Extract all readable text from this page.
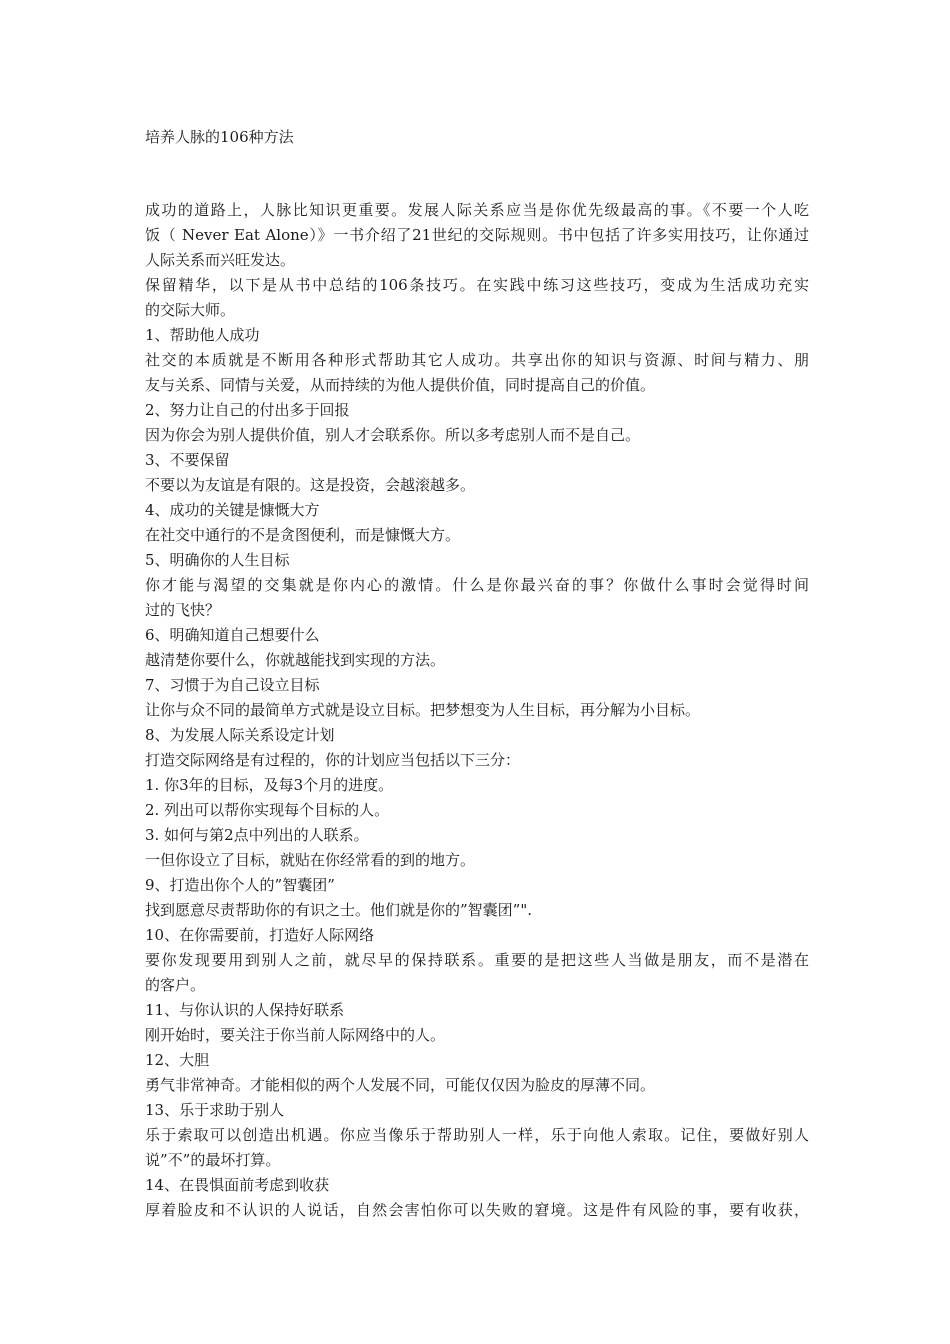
培养人脉的106种方法
成功的道路上，人脉比知识更重要。发展人际关系应当是你优先级最高的事。《不要一个人吃
饭（ Never Eat Alone）》一书介绍了21世纪的交际规则。书中包括了许多实用技巧，让你通过
人际关系而兴旺发达。
保留精华，以下是从书中总结的106条技巧。在实践中练习这些技巧，变成为生活成功充实
的交际大师。
1、帮助他人成功
社交的本质就是不断用各种形式帮助其它人成功。共享出你的知识与资源、时间与精力、朋
友与关系、同情与关爱，从而持续的为他人提供价值，同时提高自己的价值。
2、努力让自己的付出多于回报
因为你会为别人提供价值，别人才会联系你。所以多考虑别人而不是自己。
3、不要保留
不要以为友谊是有限的。这是投资，会越滚越多。
4、成功的关键是慷慨大方
在社交中通行的不是贪图便利，而是慷慨大方。
5、明确你的人生目标
你才能与渴望的交集就是你内心的激情。什么是你最兴奋的事？你做什么事时会觉得时间
过的飞快？
6、明确知道自己想要什么
越清楚你要什么，你就越能找到实现的方法。
7、习惯于为自己设立目标
让你与众不同的最简单方式就是设立目标。把梦想变为人生目标，再分解为小目标。
8、为发展人际关系设定计划
打造交际网络是有过程的，你的计划应当包括以下三分：
1. 你3年的目标，及每3个月的进度。
2. 列出可以帮你实现每个目标的人。
3. 如何与第2点中列出的人联系。
一但你设立了目标，就贴在你经常看的到的地方。
9、打造出你个人的”智囊团”
找到愿意尽责帮助你的有识之士。他们就是你的”智囊团”".
10、在你需要前，打造好人际网络
要你发现要用到别人之前，就尽早的保持联系。重要的是把这些人当做是朋友，而不是潜在
的客户。
11、与你认识的人保持好联系
刚开始时，要关注于你当前人际网络中的人。
12、大胆
勇气非常神奇。才能相似的两个人发展不同，可能仅仅因为脸皮的厚薄不同。
13、乐于求助于别人
乐于索取可以创造出机遇。你应当像乐于帮助别人一样，乐于向他人索取。记住，要做好别人
说”不”的最坏打算。
14、在畏惧面前考虑到收获
厚着脸皮和不认识的人说话，自然会害怕你可以失败的窘境。这是件有风险的事，要有收获，
